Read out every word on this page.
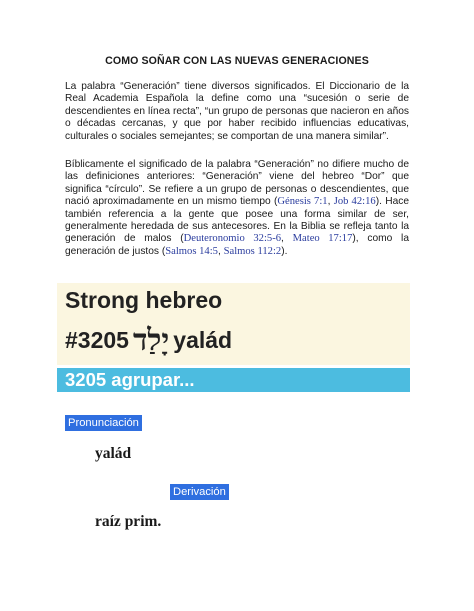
COMO SOÑAR CON LAS NUEVAS GENERACIONES
La palabra “Generación” tiene diversos significados. El Diccionario de la Real Academia Española la define como una “sucesión o serie de descendientes en línea recta”, “un grupo de personas que nacieron en años o décadas cercanas, y que por haber recibido influencias educativas, culturales o sociales semejantes; se comportan de una manera similar”.
Bíblicamente el significado de la palabra “Generación” no difiere mucho de las definiciones anteriores: “Generación” viene del hebreo “Dor” que significa “círculo”. Se refiere a un grupo de personas o descendientes, que nació aproximadamente en un mismo tiempo (Génesis 7:1, Job 42:16). Hace también referencia a la gente que posee una forma similar de ser, generalmente heredada de sus antecesores. En la Biblia se refleja tanto la generación de malos (Deuteronomio 32:5-6, Mateo 17:17), como la generación de justos (Salmos 14:5, Salmos 112:2).
Strong hebreo
#3205 יָלַד yalád
3205 agrupar...
Pronunciación
yalád
Derivación
raíz prim.
